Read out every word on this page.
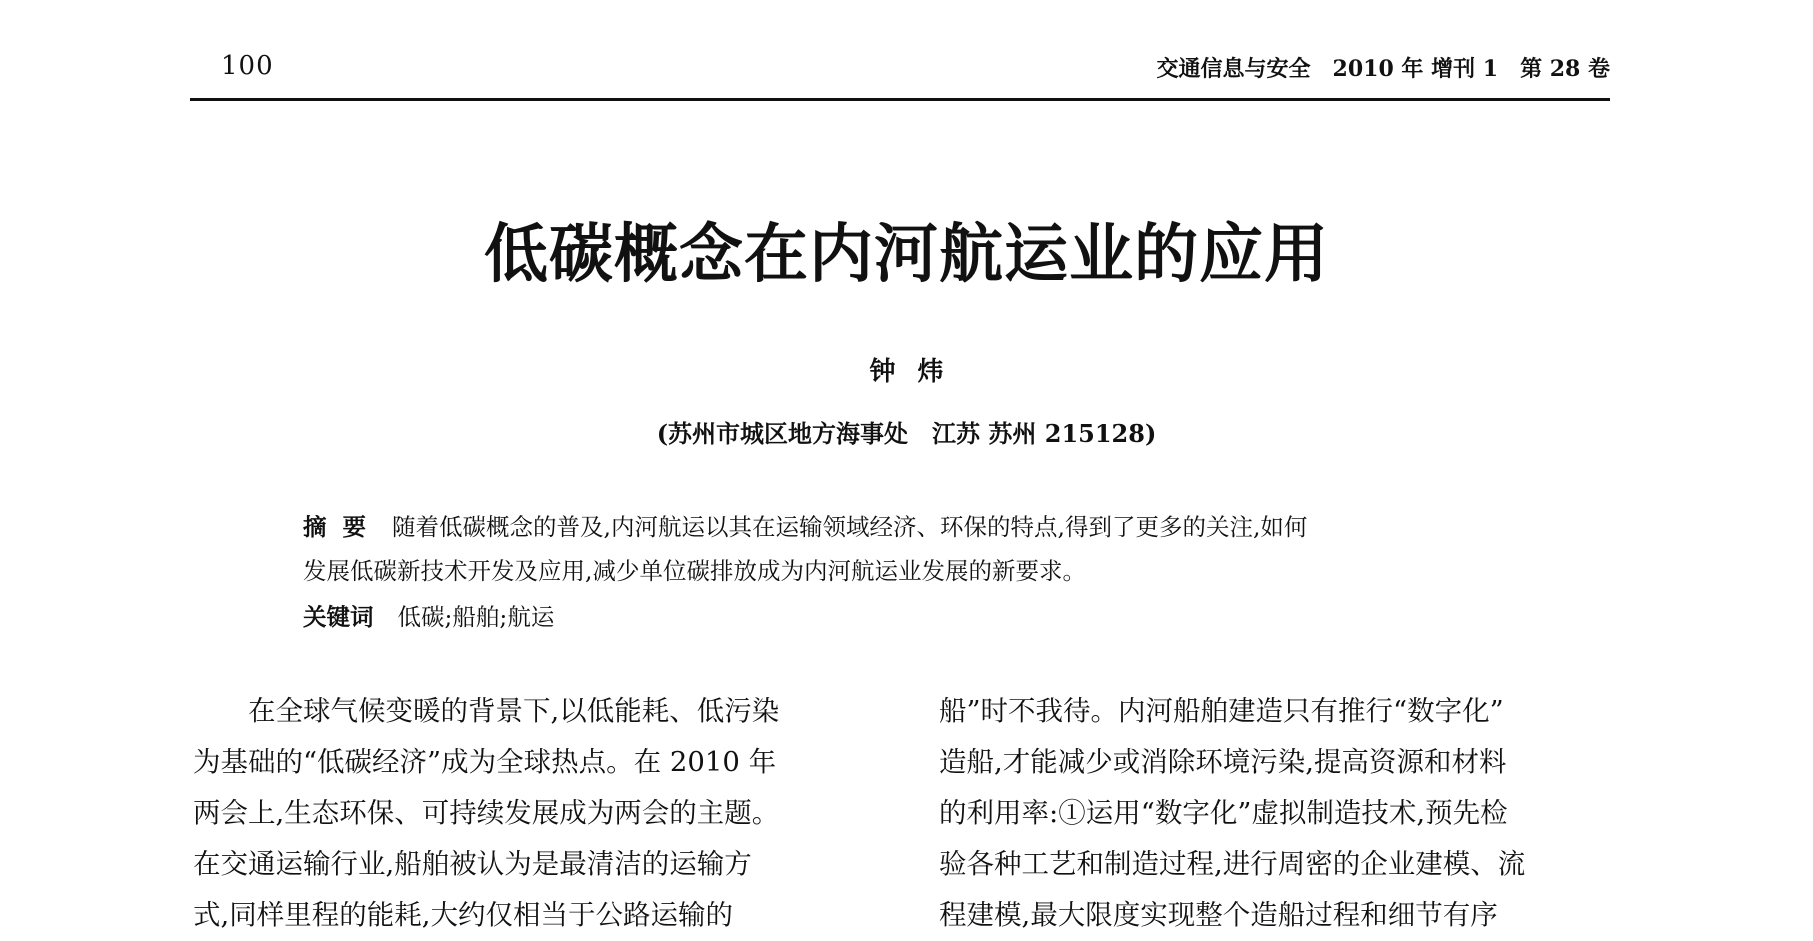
100	交通信息与安全 2010 年 增刊 1 第 28 卷
低碳概念在内河航运业的应用
钟炜
(苏州市城区地方海事处　江苏 苏州 215128)
摘要 随着低碳概念的普及,内河航运以其在运输领域经济、环保的特点,得到了更多的关注,如何
发展低碳新技术开发及应用,减少单位碳排放成为内河航运业发展的新要求。
关键词 低碳;船舶;航运
在全球气候变暖的背景下,以低能耗、低污染
为基础的“低碳经济”成为全球热点。在 2010 年
两会上,生态环保、可持续发展成为两会的主题。
在交通运输行业,船舶被认为是最清洁的运输方
式,同样里程的能耗,大约仅相当于公路运输的
船”时不我待。内河船舶建造只有推行“数字化”
造船,才能减少或消除环境污染,提高资源和材料
的利用率:①运用“数字化”虚拟制造技术,预先检
验各种工艺和制造过程,进行周密的企业建模、流
程建模,最大限度实现整个造船过程和细节有序
